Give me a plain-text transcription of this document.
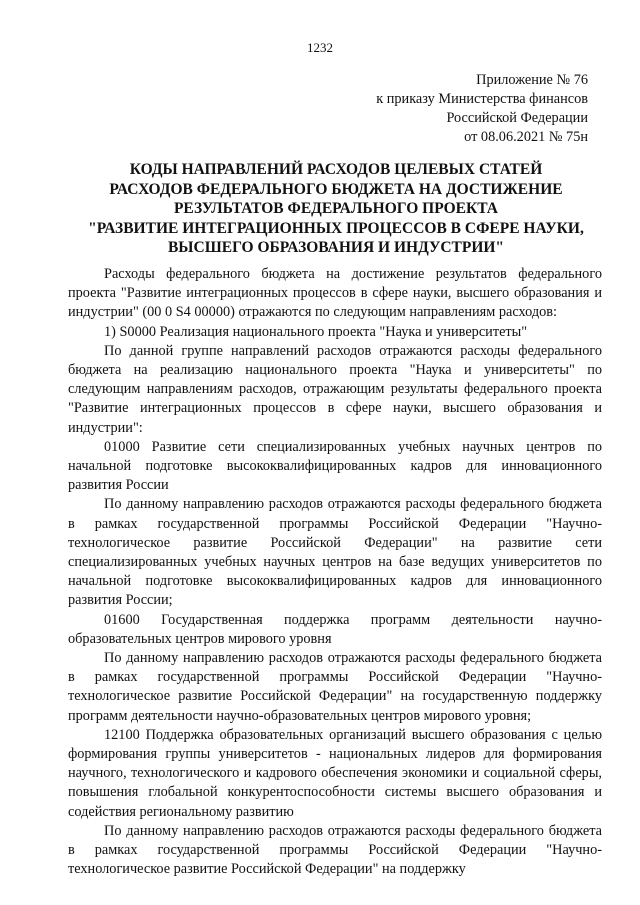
1232
Приложение № 76
к приказу Министерства финансов
Российской Федерации
от 08.06.2021 № 75н
КОДЫ НАПРАВЛЕНИЙ РАСХОДОВ ЦЕЛЕВЫХ СТАТЕЙ
РАСХОДОВ ФЕДЕРАЛЬНОГО БЮДЖЕТА НА ДОСТИЖЕНИЕ
РЕЗУЛЬТАТОВ ФЕДЕРАЛЬНОГО ПРОЕКТА
"РАЗВИТИЕ ИНТЕГРАЦИОННЫХ ПРОЦЕССОВ В СФЕРЕ НАУКИ,
ВЫСШЕГО ОБРАЗОВАНИЯ И ИНДУСТРИИ"

Расходы федерального бюджета на достижение результатов федерального проекта "Развитие интеграционных процессов в сфере науки, высшего образования и индустрии" (00 0 S4 00000) отражаются по следующим направлениям расходов:

1) S0000 Реализация национального проекта "Наука и университеты"

По данной группе направлений расходов отражаются расходы федерального бюджета на реализацию национального проекта "Наука и университеты" по следующим направлениям расходов, отражающим результаты федерального проекта "Развитие интеграционных процессов в сфере науки, высшего образования и индустрии":

01000 Развитие сети специализированных учебных научных центров по начальной подготовке высококвалифицированных кадров для инновационного развития России

По данному направлению расходов отражаются расходы федерального бюджета в рамках государственной программы Российской Федерации "Научно-технологическое развитие Российской Федерации" на развитие сети специализированных учебных научных центров на базе ведущих университетов по начальной подготовке высококвалифицированных кадров для инновационного развития России;

01600 Государственная поддержка программ деятельности научно-образовательных центров мирового уровня

По данному направлению расходов отражаются расходы федерального бюджета в рамках государственной программы Российской Федерации "Научно-технологическое развитие Российской Федерации" на государственную поддержку программ деятельности научно-образовательных центров мирового уровня;

12100 Поддержка образовательных организаций высшего образования с целью формирования группы университетов - национальных лидеров для формирования научного, технологического и кадрового обеспечения экономики и социальной сферы, повышения глобальной конкурентоспособности системы высшего образования и содействия региональному развитию

По данному направлению расходов отражаются расходы федерального бюджета в рамках государственной программы Российской Федерации "Научно-технологическое развитие Российской Федерации" на поддержку
